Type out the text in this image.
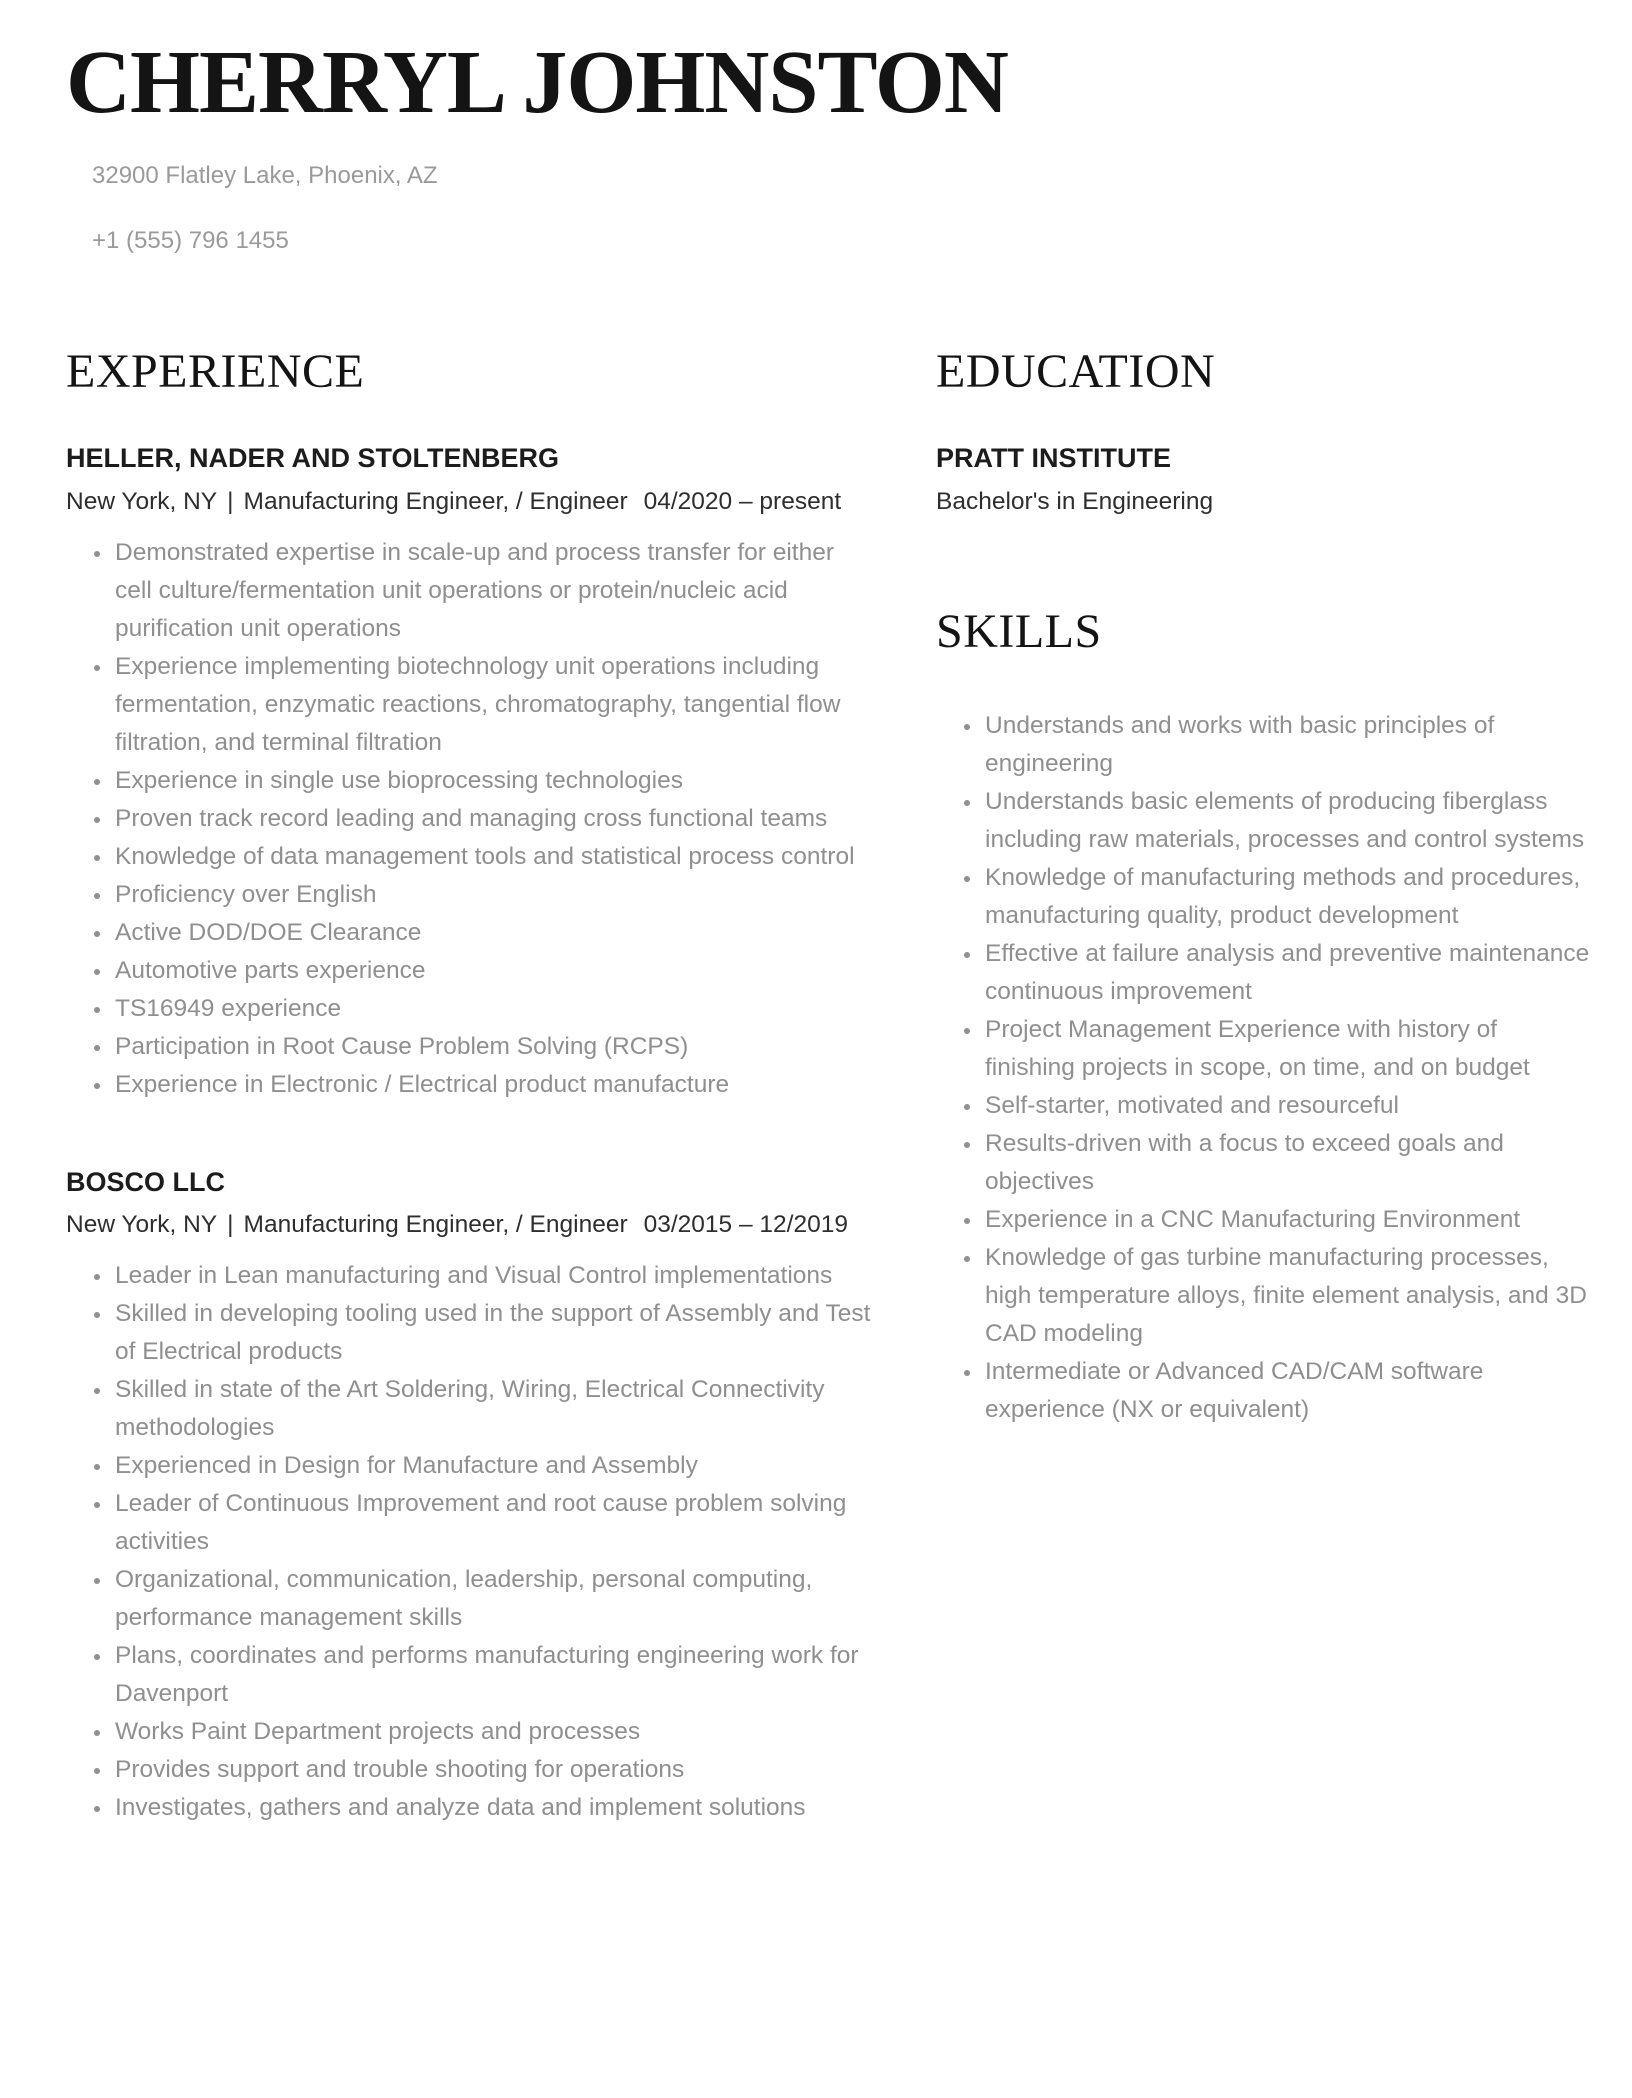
CHERRYL JOHNSTON

32900 Flatley Lake, Phoenix, AZ

+1 (555) 796 1455

EXPERIENCE
HELLER, NADER AND STOLTENBERG

New York, NY | Manufacturing Engineer, / Engineer 04/2020 – present

• Demonstrated expertise in scale-up and process transfer for either cell culture/fermentation unit operations or protein/nucleic acid purification unit operations
• Experience implementing biotechnology unit operations including fermentation, enzymatic reactions, chromatography, tangential flow filtration, and terminal filtration
• Experience in single use bioprocessing technologies
• Proven track record leading and managing cross functional teams
• Knowledge of data management tools and statistical process control
• Proficiency over English
• Active DOD/DOE Clearance
• Automotive parts experience
• TS16949 experience
• Participation in Root Cause Problem Solving (RCPS)
• Experience in Electronic / Electrical product manufacture
BOSCO LLC

New York, NY | Manufacturing Engineer, / Engineer 03/2015 – 12/2019

• Leader in Lean manufacturing and Visual Control implementations
• Skilled in developing tooling used in the support of Assembly and Test of Electrical products
• Skilled in state of the Art Soldering, Wiring, Electrical Connectivity methodologies
• Experienced in Design for Manufacture and Assembly
• Leader of Continuous Improvement and root cause problem solving activities
• Organizational, communication, leadership, personal computing, performance management skills
• Plans, coordinates and performs manufacturing engineering work for Davenport
• Works Paint Department projects and processes
• Provides support and trouble shooting for operations
• Investigates, gathers and analyze data and implement solutions
EDUCATION
PRATT INSTITUTE

Bachelor's in Engineering

SKILLS
• Understands and works with basic principles of engineering
• Understands basic elements of producing fiberglass including raw materials, processes and control systems
• Knowledge of manufacturing methods and procedures, manufacturing quality, product development
• Effective at failure analysis and preventive maintenance continuous improvement
• Project Management Experience with history of finishing projects in scope, on time, and on budget
• Self-starter, motivated and resourceful
• Results-driven with a focus to exceed goals and objectives
• Experience in a CNC Manufacturing Environment
• Knowledge of gas turbine manufacturing processes, high temperature alloys, finite element analysis, and 3D CAD modeling
• Intermediate or Advanced CAD/CAM software experience (NX or equivalent)
